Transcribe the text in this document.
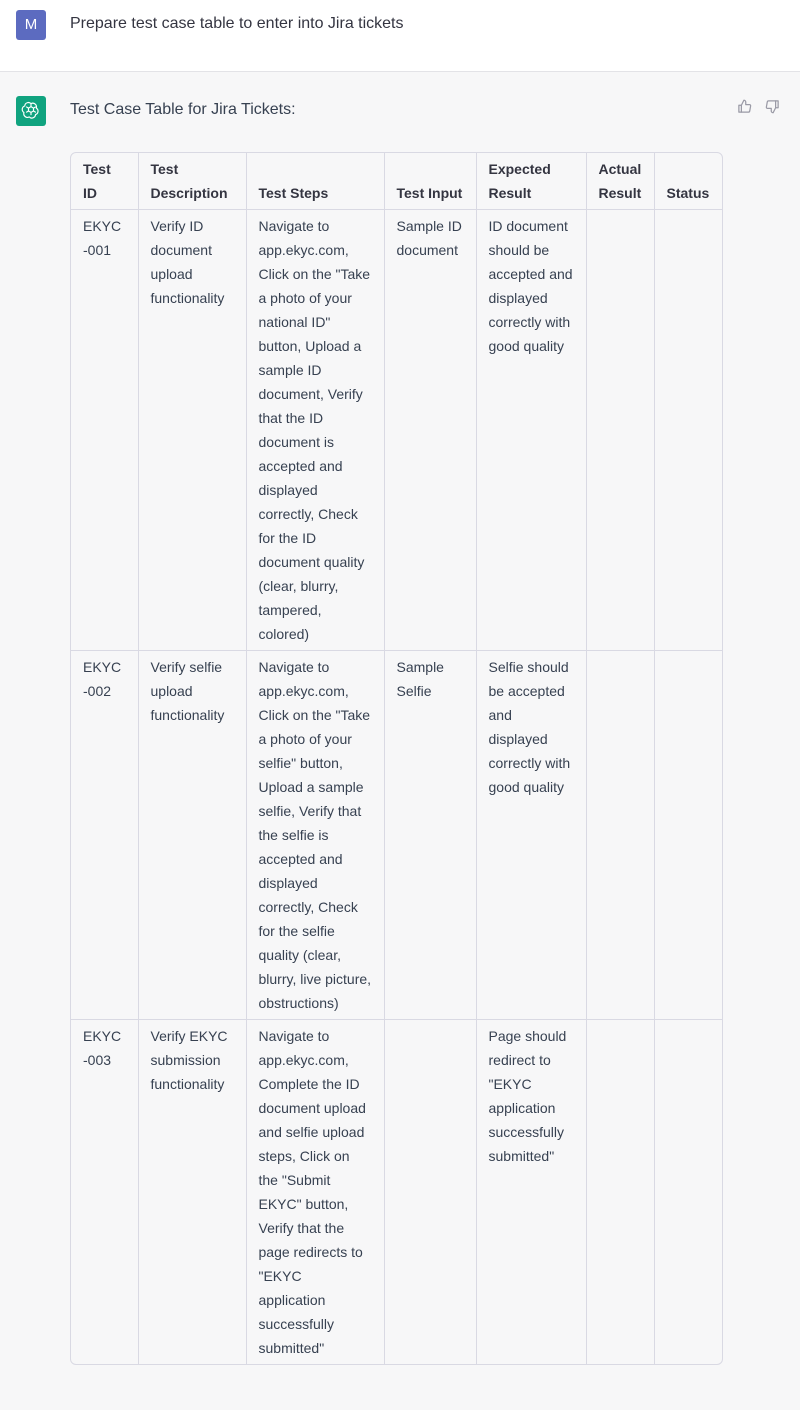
M	Prepare test case table to enter into Jira tickets
Test Case Table for Jira Tickets:
Test ID	Test Description	Test Steps	Test Input	Expected Result	Actual Result	Status
EKYC-001	Verify ID document upload functionality	Navigate to app.ekyc.com, Click on the "Take a photo of your national ID" button, Upload a sample ID document, Verify that the ID document is accepted and displayed correctly, Check for the ID document quality (clear, blurry, tampered, colored)	Sample ID document	ID document should be accepted and displayed correctly with good quality		
EKYC-002	Verify selfie upload functionality	Navigate to app.ekyc.com, Click on the "Take a photo of your selfie" button, Upload a sample selfie, Verify that the selfie is accepted and displayed correctly, Check for the selfie quality (clear, blurry, live picture, obstructions)	Sample Selfie	Selfie should be accepted and displayed correctly with good quality		
EKYC-003	Verify EKYC submission functionality	Navigate to app.ekyc.com, Complete the ID document upload and selfie upload steps, Click on the "Submit EKYC" button, Verify that the page redirects to "EKYC application successfully submitted"		Page should redirect to "EKYC application successfully submitted"		
